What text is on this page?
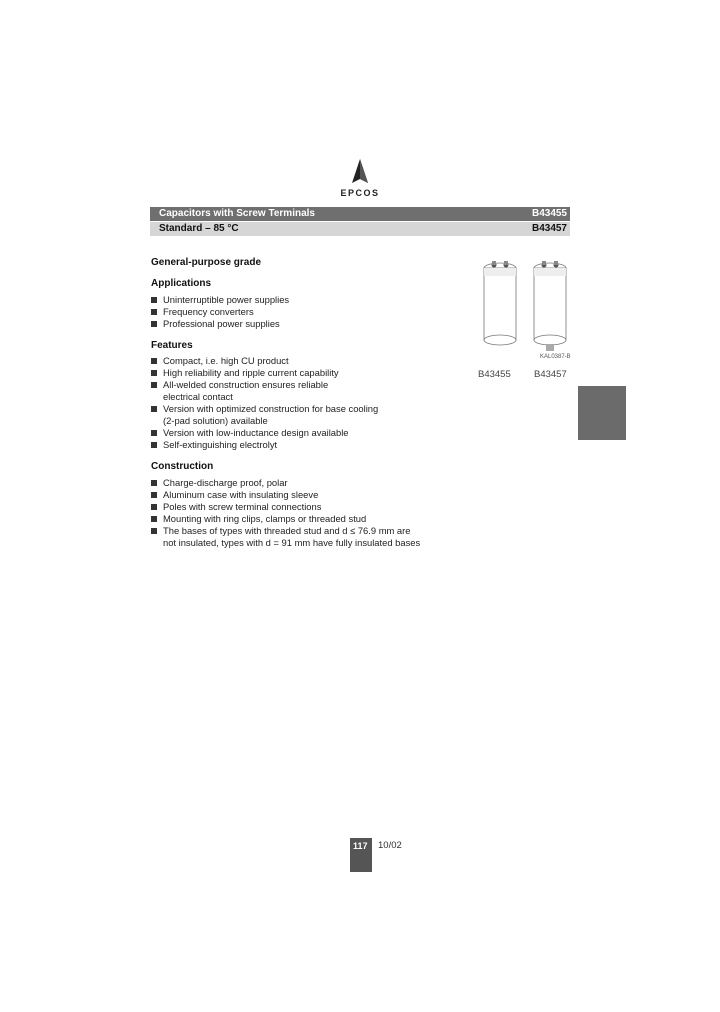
EPCOS
Capacitors with Screw Terminals	B43455
Standard – 85 °C	B43457
General-purpose grade
Applications
Uninterruptible power supplies
Frequency converters
Professional power supplies
Features
Compact, i.e. high CU product
High reliability and ripple current capability
All-welded construction ensures reliable
electrical contact
Version with optimized construction for base cooling
(2-pad solution) available
Version with low-inductance design available
Self-extinguishing electrolyt
Construction
Charge-discharge proof, polar
Aluminum case with insulating sleeve
Poles with screw terminal connections
Mounting with ring clips, clamps or threaded stud
The bases of types with threaded stud and d ≤ 76.9 mm are
not insulated, types with d = 91 mm have fully insulated bases
KAL0387-B
B43455 B43457
117 10/02
